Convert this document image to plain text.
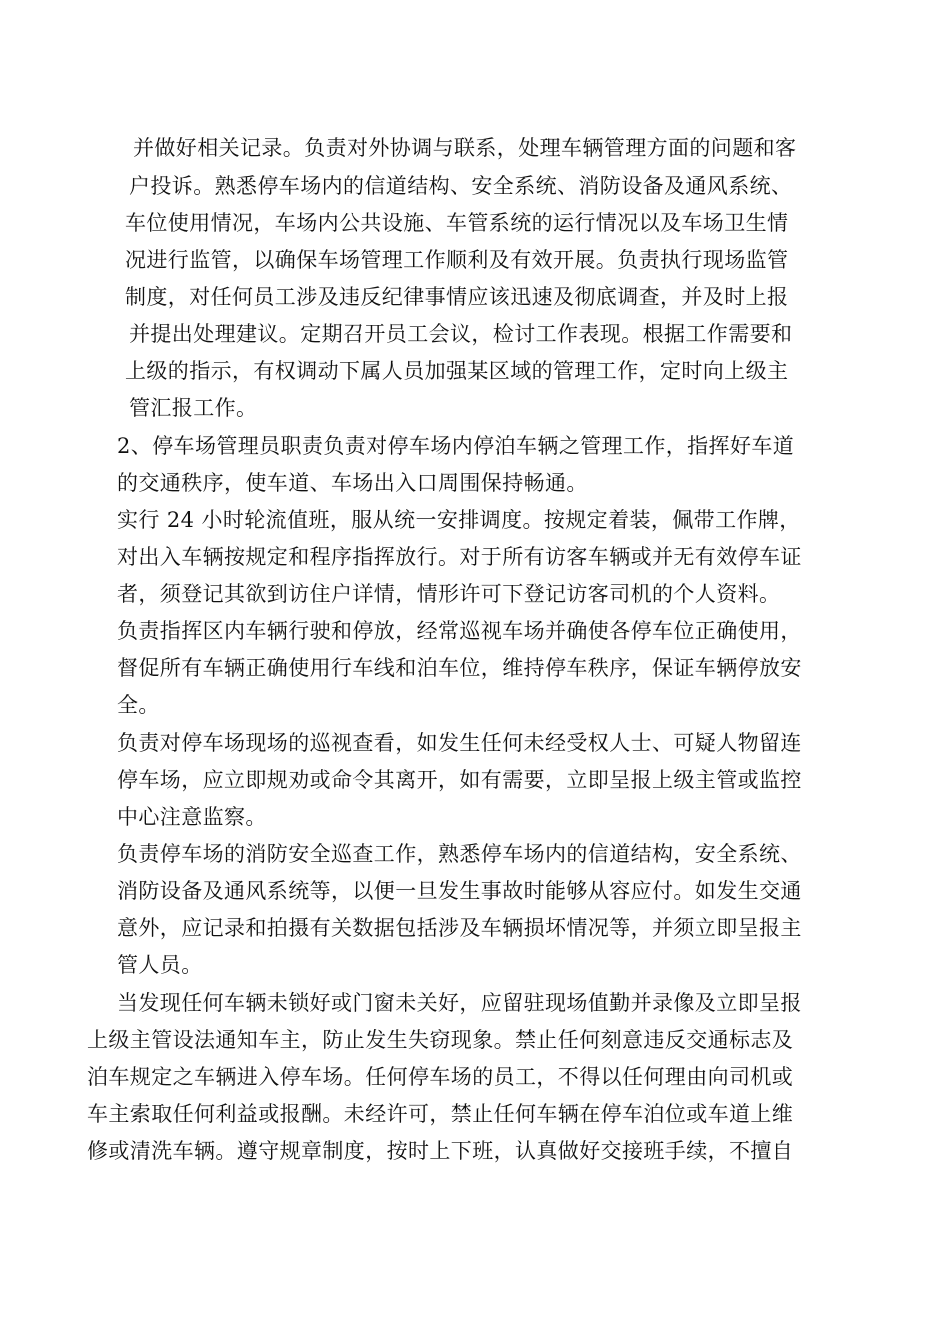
并做好相关记录。负责对外协调与联系，处理车辆管理方面的问题和客
户投诉。熟悉停车场内的信道结构、安全系统、消防设备及通风系统、
车位使用情况，车场内公共设施、车管系统的运行情况以及车场卫生情
况进行监管，以确保车场管理工作顺利及有效开展。负责执行现场监管
制度，对任何员工涉及违反纪律事情应该迅速及彻底调查，并及时上报
并提出处理建议。定期召开员工会议，检讨工作表现。根据工作需要和
上级的指示，有权调动下属人员加强某区域的管理工作，定时向上级主
管汇报工作。
2、停车场管理员职责负责对停车场内停泊车辆之管理工作，指挥好车道
的交通秩序，使车道、车场出入口周围保持畅通。
实行 24 小时轮流值班，服从统一安排调度。按规定着装，佩带工作牌，
对出入车辆按规定和程序指挥放行。对于所有访客车辆或并无有效停车证
者，须登记其欲到访住户详情，情形许可下登记访客司机的个人资料。
负责指挥区内车辆行驶和停放，经常巡视车场并确使各停车位正确使用，
督促所有车辆正确使用行车线和泊车位，维持停车秩序，保证车辆停放安
全。
负责对停车场现场的巡视查看，如发生任何未经受权人士、可疑人物留连
停车场，应立即规劝或命令其离开，如有需要，立即呈报上级主管或监控
中心注意监察。
负责停车场的消防安全巡查工作，熟悉停车场内的信道结构，安全系统、
消防设备及通风系统等，以便一旦发生事故时能够从容应付。如发生交通
意外，应记录和拍摄有关数据包括涉及车辆损坏情况等，并须立即呈报主
管人员。
当发现任何车辆未锁好或门窗未关好，应留驻现场值勤并录像及立即呈报
上级主管设法通知车主，防止发生失窃现象。禁止任何刻意违反交通标志及
泊车规定之车辆进入停车场。任何停车场的员工，不得以任何理由向司机或
车主索取任何利益或报酬。未经许可，禁止任何车辆在停车泊位或车道上维
修或清洗车辆。遵守规章制度，按时上下班，认真做好交接班手续，不擅自
